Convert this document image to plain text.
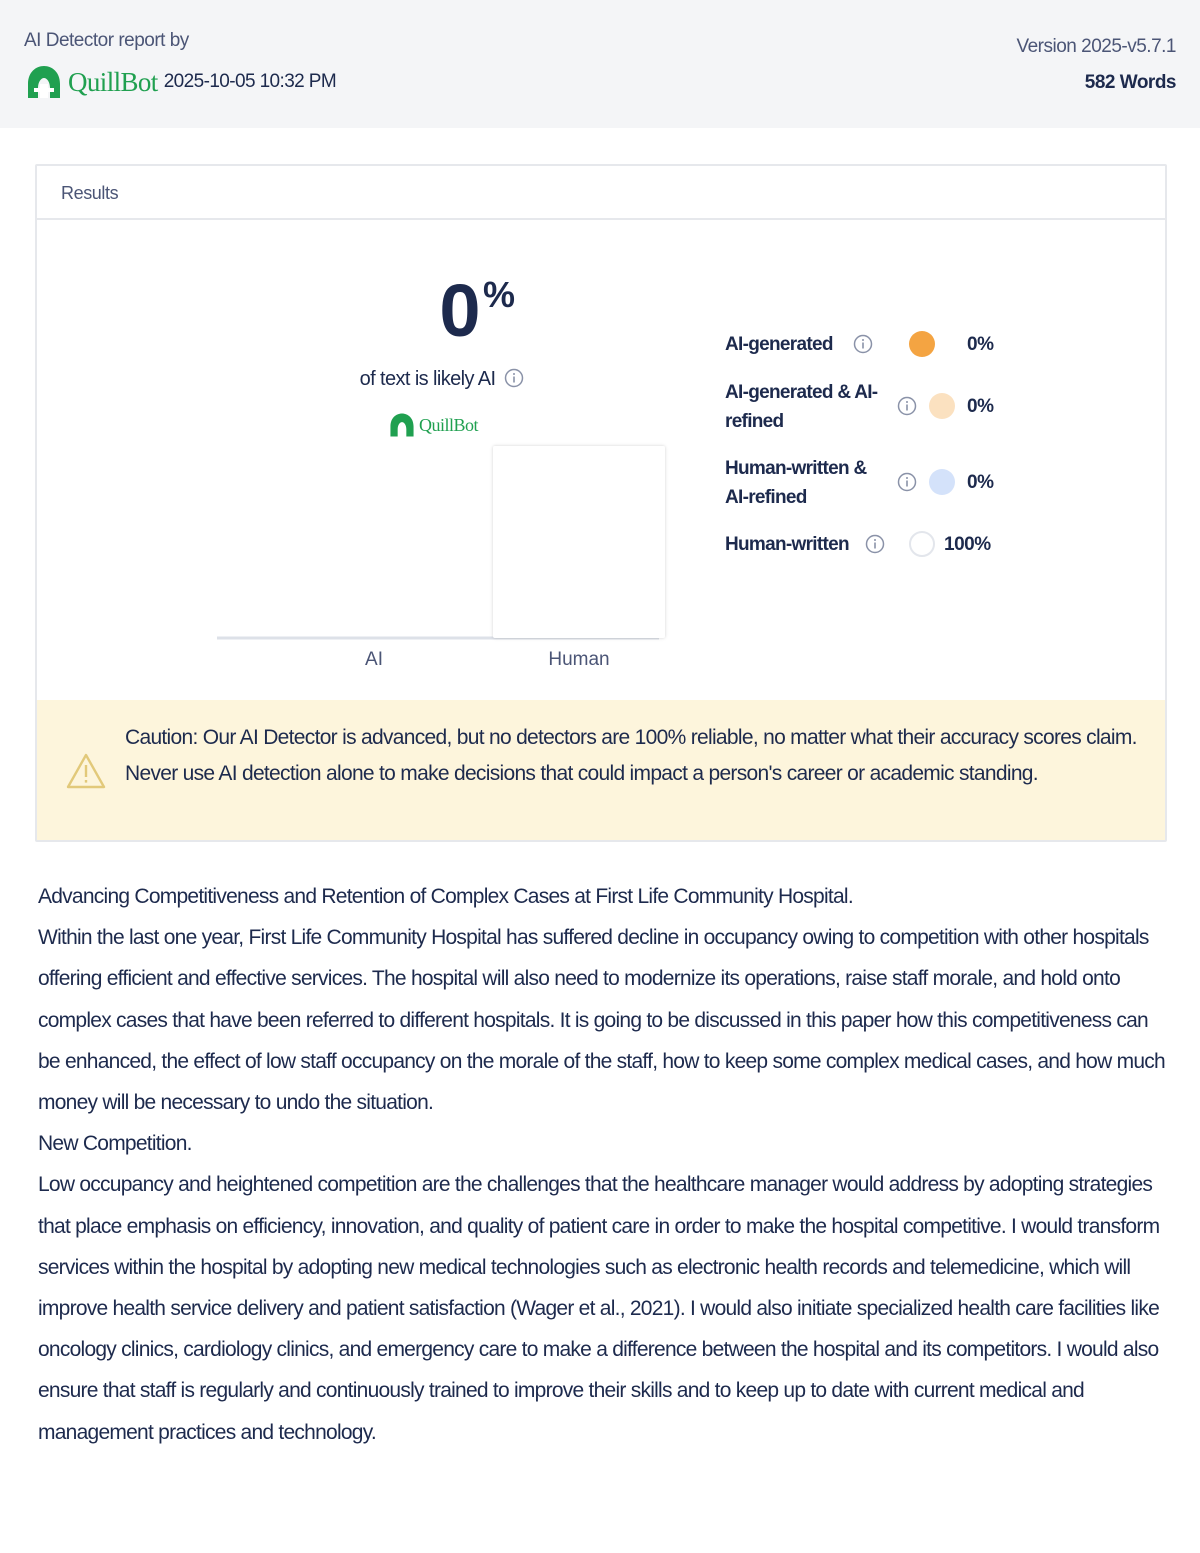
AI Detector report by
QuillBot 2025-10-05 10:32 PM
Version 2025-v5.7.1
582 Words
Results
0 %
of text is likely AI
QuillBot
AI	Human
AI-generated	0%
AI-generated & AI-refined
0%
Human-written & AI-refined
0%
Human-written	100%
Caution: Our AI Detector is advanced, but no detectors are 100% reliable, no matter what their accuracy scores claim. Never use AI detection alone to make decisions that could impact a person's career or academic standing.

Advancing Competitiveness and Retention of Complex Cases at First Life Community Hospital.

Within the last one year, First Life Community Hospital has suffered decline in occupancy owing to competition with other hospitals offering efficient and effective services. The hospital will also need to modernize its operations, raise staff morale, and hold onto complex cases that have been referred to different hospitals. It is going to be discussed in this paper how this competitiveness can be enhanced, the effect of low staff occupancy on the morale of the staff, how to keep some complex medical cases, and how much money will be necessary to undo the situation.

New Competition.

Low occupancy and heightened competition are the challenges that the healthcare manager would address by adopting strategies that place emphasis on efficiency, innovation, and quality of patient care in order to make the hospital competitive. I would transform services within the hospital by adopting new medical technologies such as electronic health records and telemedicine, which will improve health service delivery and patient satisfaction (Wager et al., 2021). I would also initiate specialized health care facilities like oncology clinics, cardiology clinics, and emergency care to make a difference between the hospital and its competitors. I would also ensure that staff is regularly and continuously trained to improve their skills and to keep up to date with current medical and management practices and technology.
